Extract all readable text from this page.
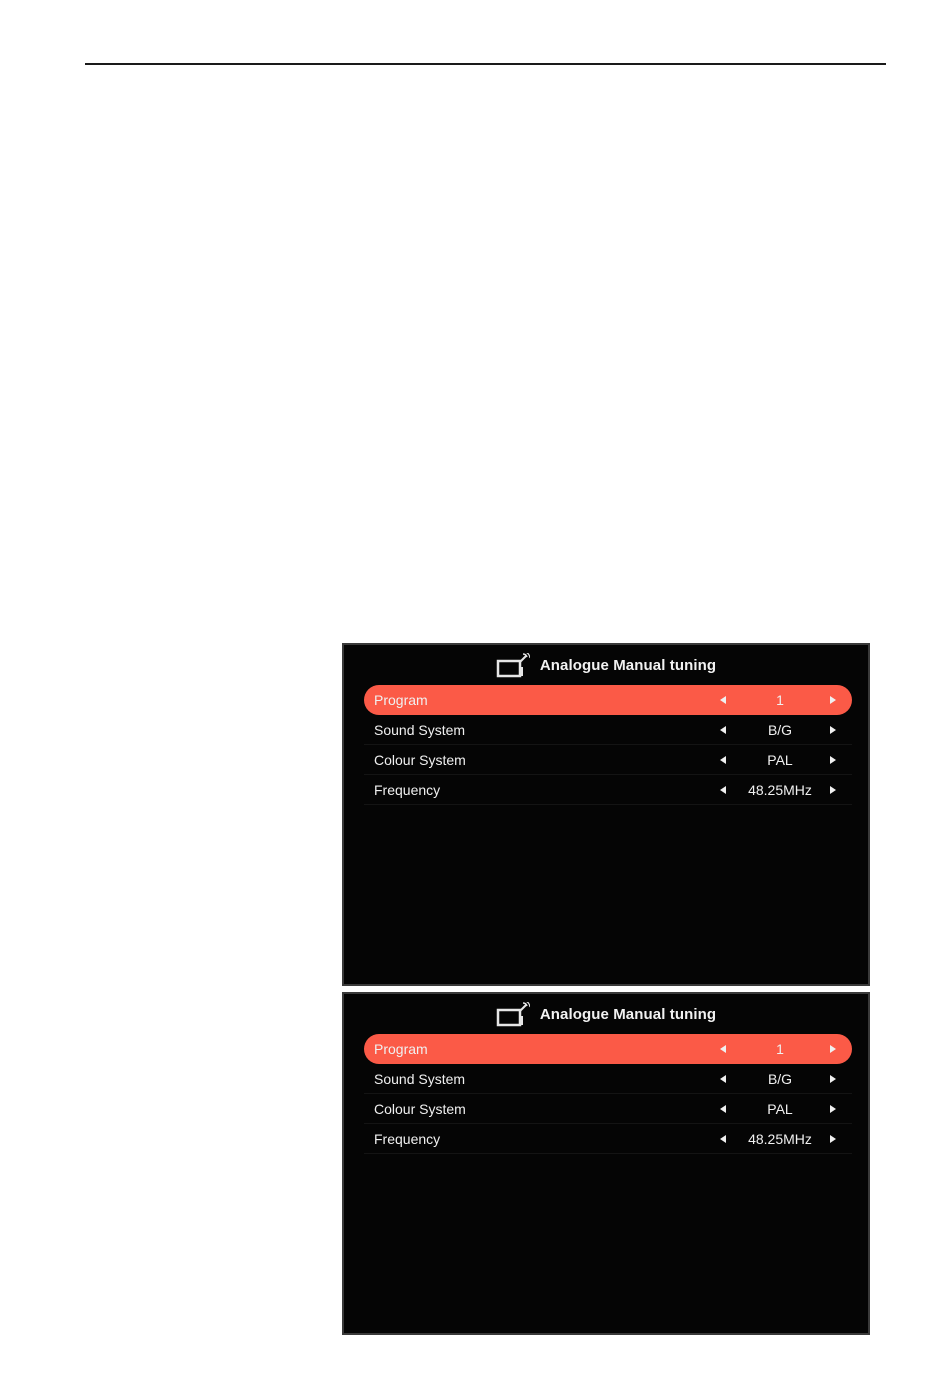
Analogue Manual tuning
Program	1
Sound System	B/G
Colour System	PAL
Frequency	48.25MHz
Analogue Manual tuning
Program	1
Sound System	B/G
Colour System	PAL
Frequency	48.25MHz
